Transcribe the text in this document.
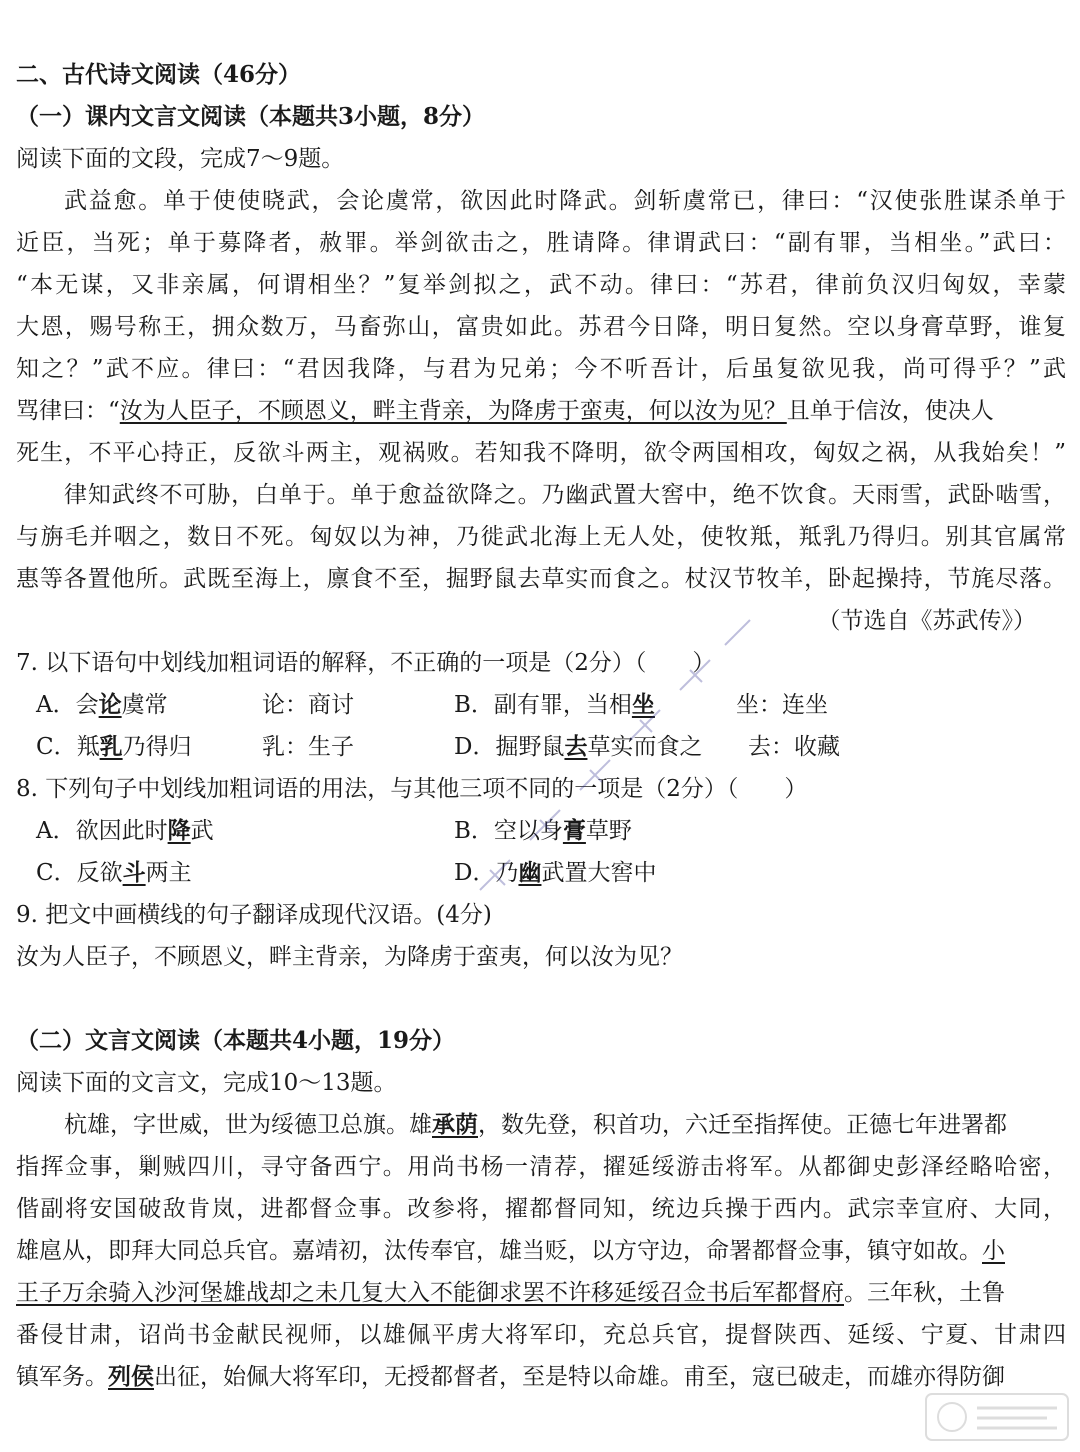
二、古代诗文阅读（46分）
（一）课内文言文阅读（本题共3小题，8分）
阅读下面的文段，完成7～9题。
武益愈。单于使使晓武，会论虞常，欲因此时降武。剑斩虞常已，律曰：“汉使张胜谋杀单于
近臣，当死；单于募降者，赦罪。举剑欲击之，胜请降。律谓武曰：“副有罪，当相坐。”武曰：
“本无谋，又非亲属，何谓相坐？”复举剑拟之，武不动。律曰：“苏君，律前负汉归匈奴，幸蒙
大恩，赐号称王，拥众数万，马畜弥山，富贵如此。苏君今日降，明日复然。空以身膏草野，谁复
知之？”武不应。律曰：“君因我降，与君为兄弟；今不听吾计，后虽复欲见我，尚可得乎？”武
骂律曰：“汝为人臣子，不顾恩义，畔主背亲，为降虏于蛮夷，何以汝为见？且单于信汝，使决人
死生，不平心持正，反欲斗两主，观祸败。若知我不降明，欲令两国相攻，匈奴之祸，从我始矣！”
律知武终不可胁，白单于。单于愈益欲降之。乃幽武置大窖中，绝不饮食。天雨雪，武卧啮雪，
与旃毛并咽之，数日不死。匈奴以为神，乃徙武北海上无人处，使牧羝，羝乳乃得归。别其官属常
惠等各置他所。武既至海上，廪食不至，掘野鼠去草实而食之。杖汉节牧羊，卧起操持，节旄尽落。
（节选自《苏武传》）
7. 以下语句中划线加粗词语的解释，不正确的一项是（2分）（　　）
A．会论虞常	论：商讨	B．副有罪，当相坐	坐：连坐
C．羝乳乃得归	乳：生子	D．掘野鼠去草实而食之 去：收藏
8. 下列句子中划线加粗词语的用法，与其他三项不同的一项是（2分）（　　）
A．欲因此时降武	B．空以身膏草野
C．反欲斗两主	D．乃幽武置大窖中
9. 把文中画横线的句子翻译成现代汉语。(4分)
汝为人臣子，不顾恩义，畔主背亲，为降虏于蛮夷，何以汝为见？
（二）文言文阅读（本题共4小题，19分）
阅读下面的文言文，完成10～13题。
杭雄，字世威，世为绥德卫总旗。雄承荫，数先登，积首功，六迁至指挥使。正德七年进署都
指挥佥事，剿贼四川，寻守备西宁。用尚书杨一清荐，擢延绥游击将军。从都御史彭泽经略哈密，
偕副将安国破敌肯岚，进都督佥事。改参将，擢都督同知，统边兵操于西内。武宗幸宣府、大同，
雄扈从，即拜大同总兵官。嘉靖初，汰传奉官，雄当贬，以方守边，命署都督佥事，镇守如故。小
王子万余骑入沙河堡雄战却之未几复大入不能御求罢不许移延绥召佥书后军都督府。三年秋，土鲁
番侵甘肃，诏尚书金献民视师，以雄佩平虏大将军印，充总兵官，提督陕西、延绥、宁夏、甘肃四
镇军务。列侯出征，始佩大将军印，无授都督者，至是特以命雄。甫至，寇已破走，而雄亦得防御
